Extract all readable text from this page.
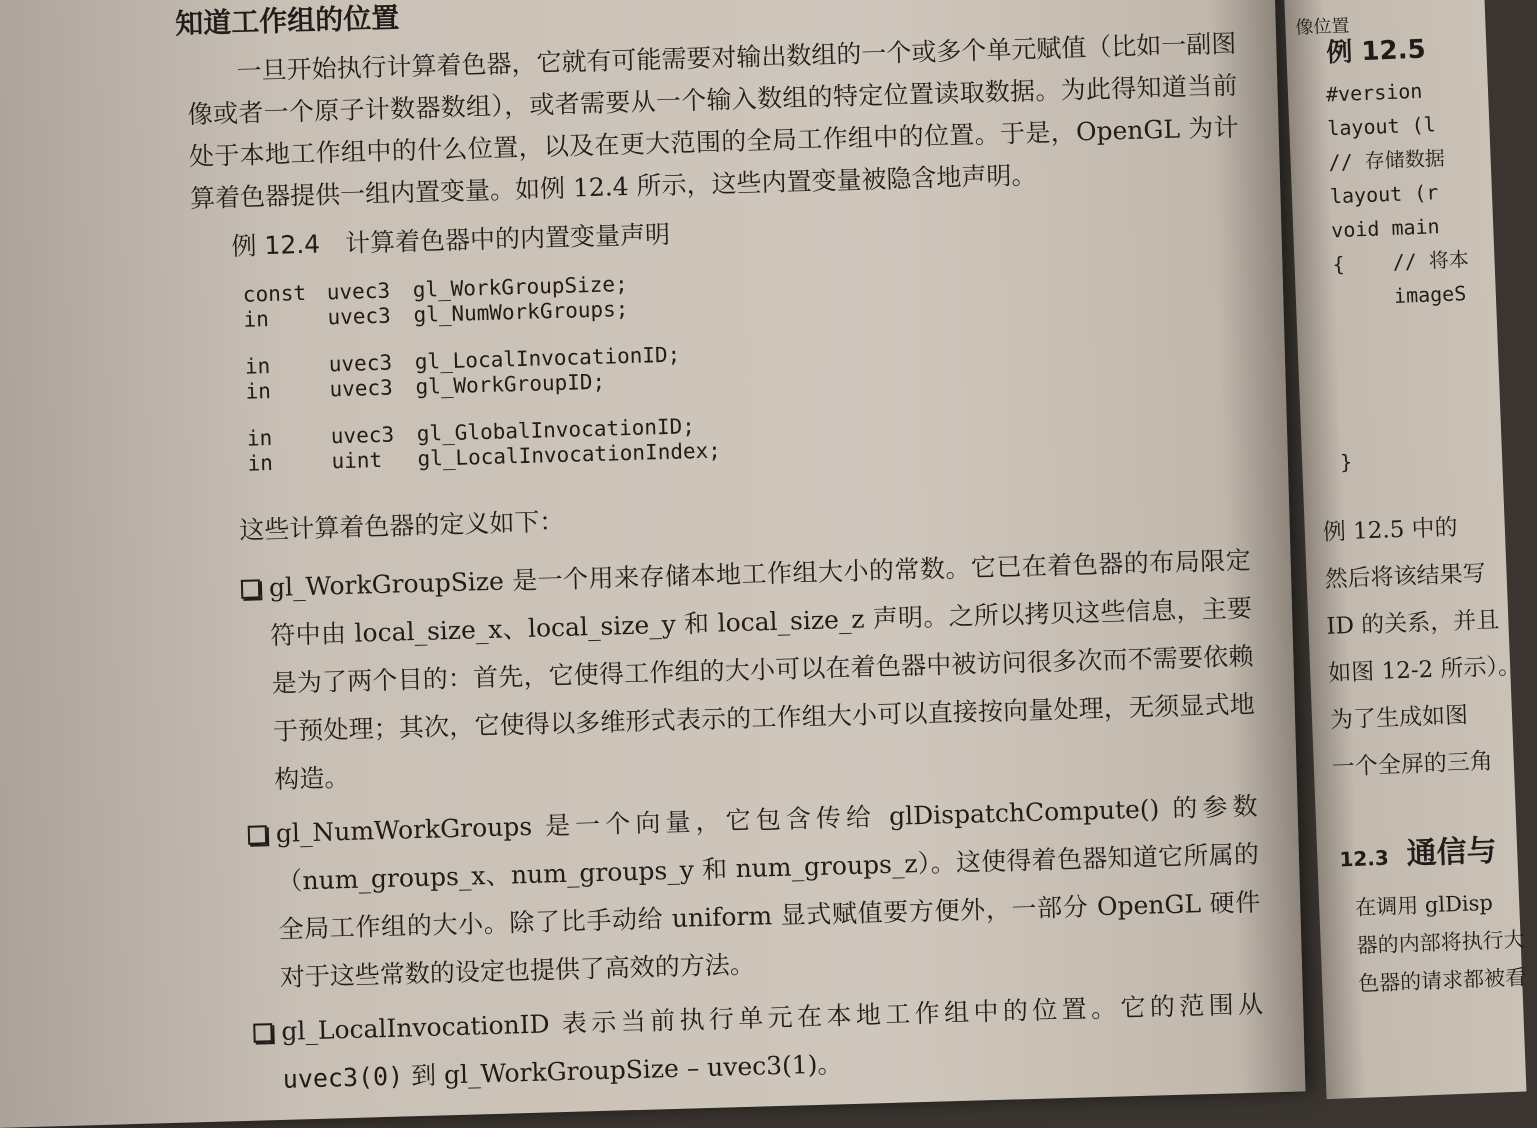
知道工作组的位置

一旦开始执行计算着色器，它就有可能需要对输出数组的一个或多个单元赋值（比如一副图像或者一个原子计数器数组），或者需要从一个输入数组的特定位置读取数据。为此得知道当前处于本地工作组中的什么位置，以及在更大范围的全局工作组中的位置。于是，OpenGL 为计算着色器提供一组内置变量。如例 12.4 所示，这些内置变量被隐含地声明。

例 12.4　计算着色器中的内置变量声明
const uvec3	gl_WorkGroupSize;
in	uvec3	gl_NumWorkGroups;
in	uvec3	gl_LocalInvocationID;
in	uvec3	gl_WorkGroupID;
in	uvec3	gl_GlobalInvocationID;
in	uint	gl_LocalInvocationIndex;
这些计算着色器的定义如下：
gl_WorkGroupSize 是一个用来存储本地工作组大小的常数。它已在着色器的布局限定符中由 local_size_x、local_size_y 和 local_size_z 声明。之所以拷贝这些信息，主要是为了两个目的：首先，它使得工作组的大小可以在着色器中被访问很多次而不需要依赖于预处理；其次，它使得以多维形式表示的工作组大小可以直接按向量处理，无须显式地构造。
gl_NumWorkGroups 是一个向量，它包含传给 glDispatchCompute() 的参数（num_groups_x、num_groups_y 和 num_groups_z）。这使得着色器知道它所属的全局工作组的大小。除了比手动给 uniform 显式赋值要方便外，一部分 OpenGL 硬件对于这些常数的设定也提供了高效的方法。
gl_LocalInvocationID 表示当前执行单元在本地工作组中的位置。它的范围从 uvec3(0) 到 gl_WorkGroupSize – uvec3(1)。
像位置
例 12.5
#version
layout (l
// 存储数据
layout (r
void main
{    // 将本
imageS
}
例 12.5 中的
然后将该结果写
ID 的关系，并且
如图 12-2 所示）。
为了生成如图
一个全屏的三角
12.3 通信与
在调用 glDisp
器的内部将执行大
色器的请求都被看
